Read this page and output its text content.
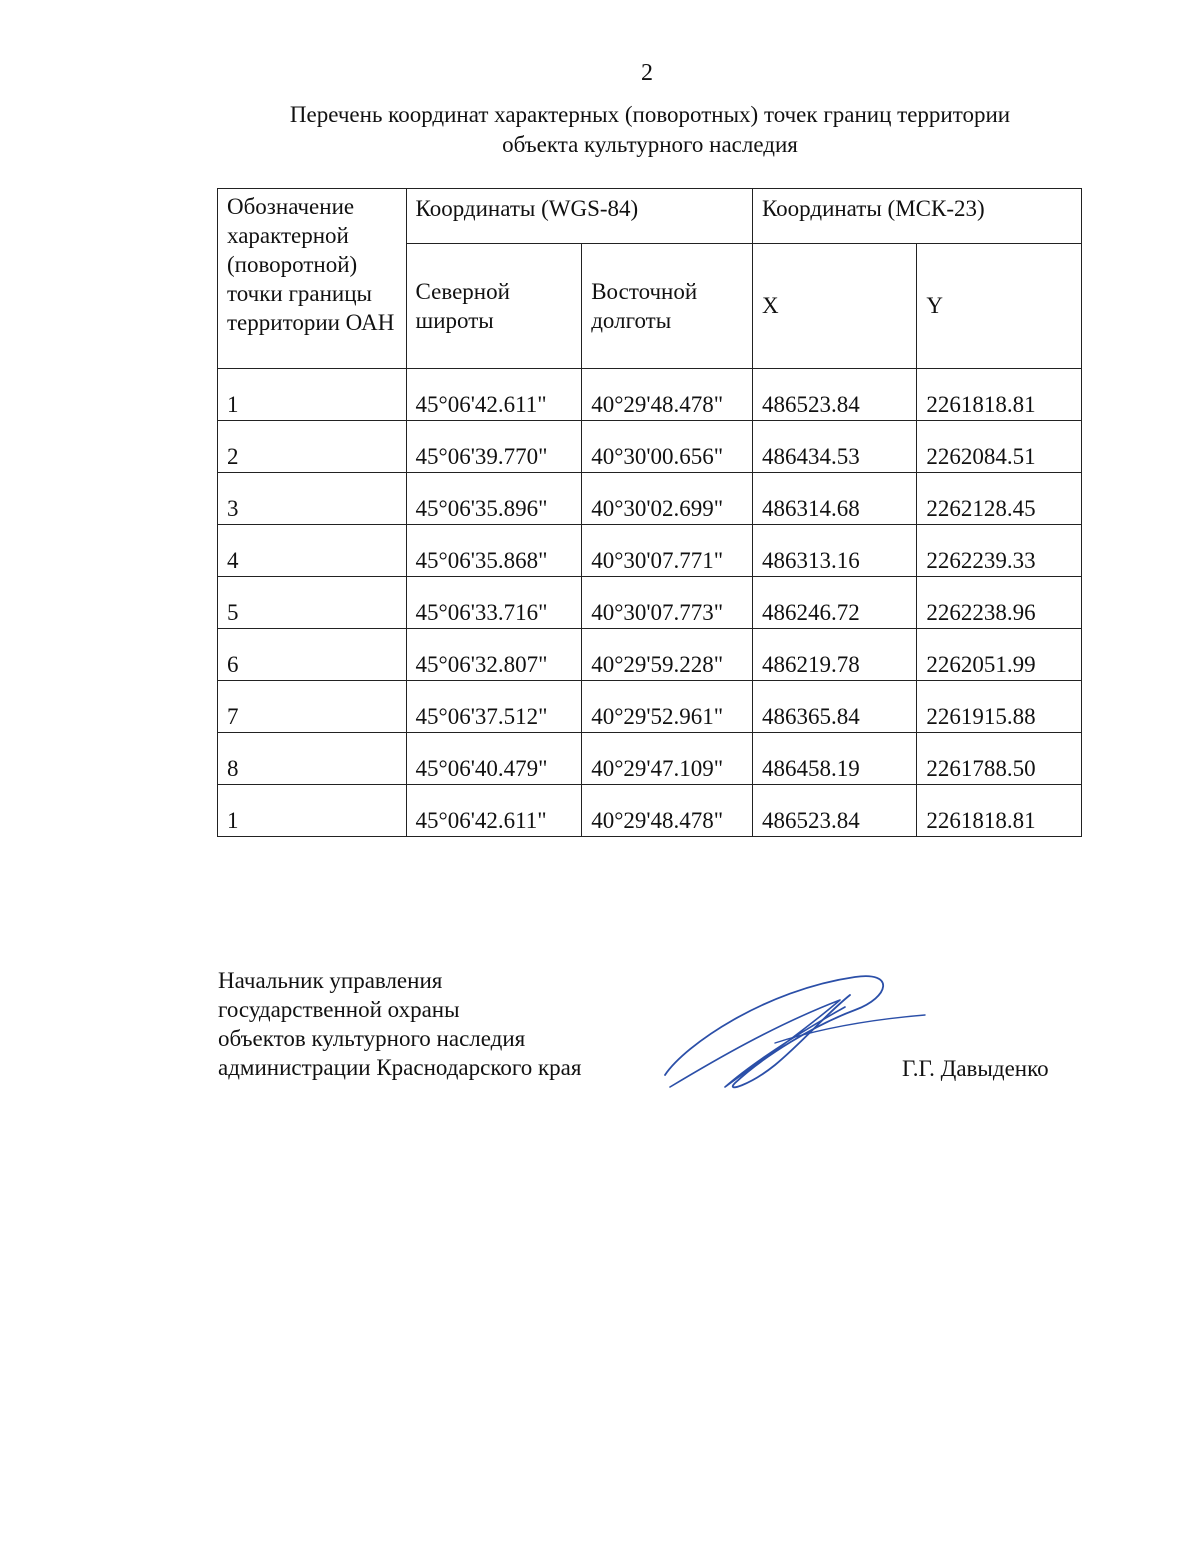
2
Перечень координат характерных (поворотных) точек границ территории
объекта культурного наследия
Обозначение характерной (поворотной) точки границы территории ОАН	Координаты (WGS-84)		Координаты (МСК-23)	
	Северной широты	Восточной долготы	X	Y
1	45°06'42.611"	40°29'48.478"	486523.84	2261818.81
2	45°06'39.770"	40°30'00.656"	486434.53	2262084.51
3	45°06'35.896"	40°30'02.699"	486314.68	2262128.45
4	45°06'35.868"	40°30'07.771"	486313.16	2262239.33
5	45°06'33.716"	40°30'07.773"	486246.72	2262238.96
6	45°06'32.807"	40°29'59.228"	486219.78	2262051.99
7	45°06'37.512"	40°29'52.961"	486365.84	2261915.88
8	45°06'40.479"	40°29'47.109"	486458.19	2261788.50
1	45°06'42.611"	40°29'48.478"	486523.84	2261818.81
Начальник управления
государственной охраны
объектов культурного наследия
администрации Краснодарского края	Г.Г. Давыденко
